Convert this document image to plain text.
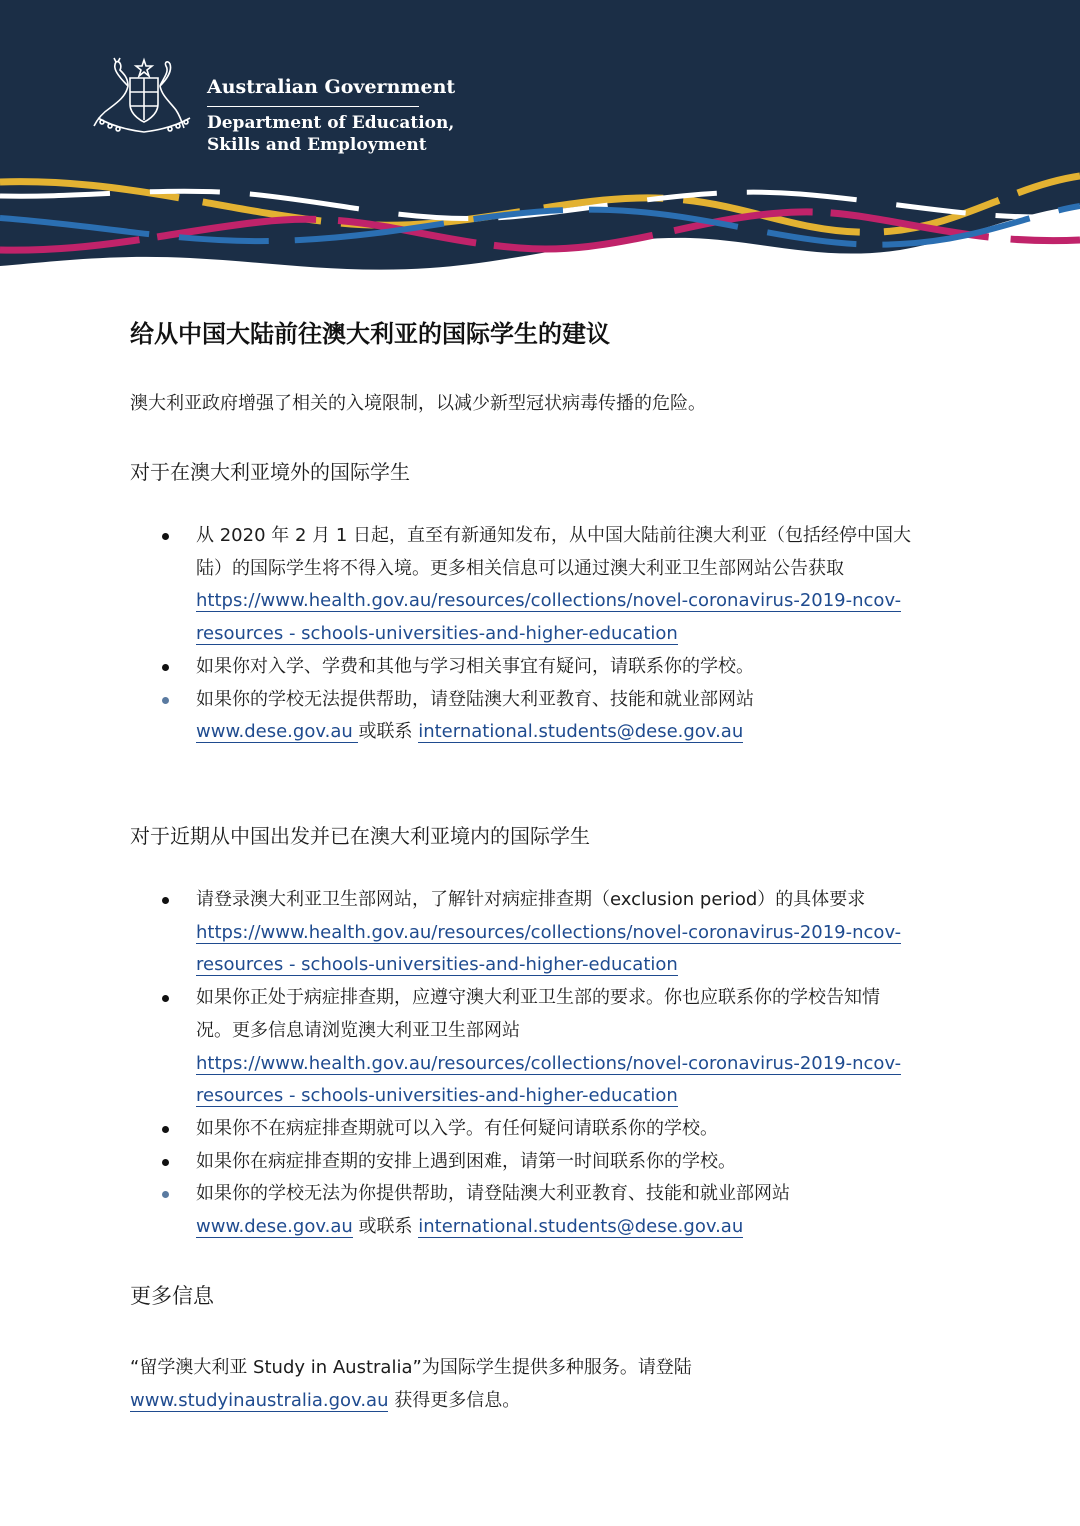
Australian Government
Department of Education,
Skills and Employment
给从中国大陆前往澳大利亚的国际学生的建议
澳大利亚政府增强了相关的入境限制，以减少新型冠状病毒传播的危险。
对于在澳大利亚境外的国际学生
从 2020 年 2 月 1 日起，直至有新通知发布，从中国大陆前往澳大利亚（包括经停中国大
陆）的国际学生将不得入境。更多相关信息可以通过澳大利亚卫生部网站公告获取
https://www.health.gov.au/resources/collections/novel-coronavirus-2019-ncov-
resources - schools-universities-and-higher-education
如果你对入学、学费和其他与学习相关事宜有疑问，请联系你的学校。
如果你的学校无法提供帮助，请登陆澳大利亚教育、技能和就业部网站
www.dese.gov.au 或联系 international.students@dese.gov.au
对于近期从中国出发并已在澳大利亚境内的国际学生
请登录澳大利亚卫生部网站，了解针对病症排查期（exclusion period）的具体要求
https://www.health.gov.au/resources/collections/novel-coronavirus-2019-ncov-
resources - schools-universities-and-higher-education
如果你正处于病症排查期，应遵守澳大利亚卫生部的要求。你也应联系你的学校告知情
况。更多信息请浏览澳大利亚卫生部网站
https://www.health.gov.au/resources/collections/novel-coronavirus-2019-ncov-
resources - schools-universities-and-higher-education
如果你不在病症排查期就可以入学。有任何疑问请联系你的学校。
如果你在病症排查期的安排上遇到困难，请第一时间联系你的学校。
如果你的学校无法为你提供帮助，请登陆澳大利亚教育、技能和就业部网站
www.dese.gov.au 或联系 international.students@dese.gov.au
更多信息
“留学澳大利亚 Study in Australia”为国际学生提供多种服务。请登陆
www.studyinaustralia.gov.au 获得更多信息。
